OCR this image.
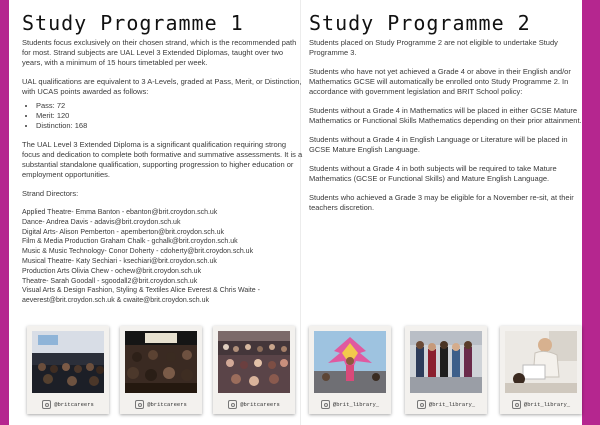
Study Programme 1

Students focus exclusively on their chosen strand, which is the recommended path for most. Strand subjects are UAL Level 3 Extended Diplomas, taught over two years, with a minimum of 15 hours timetabled per week.

UAL qualifications are equivalent to 3 A-Levels, graded at Pass, Merit, or Distinction, with UCAS points awarded as follows:

• Pass: 72
• Merit: 120
• Distinction: 168

The UAL Level 3 Extended Diploma is a significant qualification requiring strong focus and dedication to complete both formative and summative assessments. It is a substantial standalone qualification, supporting progression to higher education or employment opportunities.

Strand Directors:

Applied Theatre- Emma Banton - ebanton@brit.croydon.sch.uk

Dance- Andrea Davis - adavis@brit.croydon.sch.uk

Digital Arts- Alison Pemberton - apemberton@brit.croydon.sch.uk

Film & Media Production Graham Chalk - gchalk@brit.croydon.sch.uk

Music & Music Technology- Conor Doherty - cdoherty@brit.croydon.sch.uk

Musical Theatre- Katy Sechiari - ksechiari@brit.croydon.sch.uk

Production Arts Olivia Chew - ochew@brit.croydon.sch.uk

Theatre- Sarah Goodall - sgoodall2@brit.croydon.sch.uk

Visual Arts & Design Fashion, Styling & Textiles Alice Everest & Chris Waite -

aeverest@brit.croydon.sch.uk & cwaite@brit.croydon.sch.uk

Study Programme 2

Students placed on Study Programme 2 are not eligible to undertake Study Programme 3.

Students who have not yet achieved a Grade 4 or above in their English and/or Mathematics GCSE will automatically be enrolled onto Study Programme 2. In accordance with government legislation and BRIT School policy:

Students without a Grade 4 in Mathematics will be placed in either GCSE Mature Mathematics or Functional Skills Mathematics depending on their prior attainment.

Students without a Grade 4 in English Language or Literature will be placed in GCSE Mature English Language.

Students without a Grade 4 in both subjects will be required to take Mature Mathematics (GCSE or Functional Skills) and Mature English Language.

Students who achieved a Grade 3 may be eligible for a November re-sit, at their teachers discretion.

@britcareers	@britcareers	@britcareers	@brit_library_	@brit_library_	@brit_library_
